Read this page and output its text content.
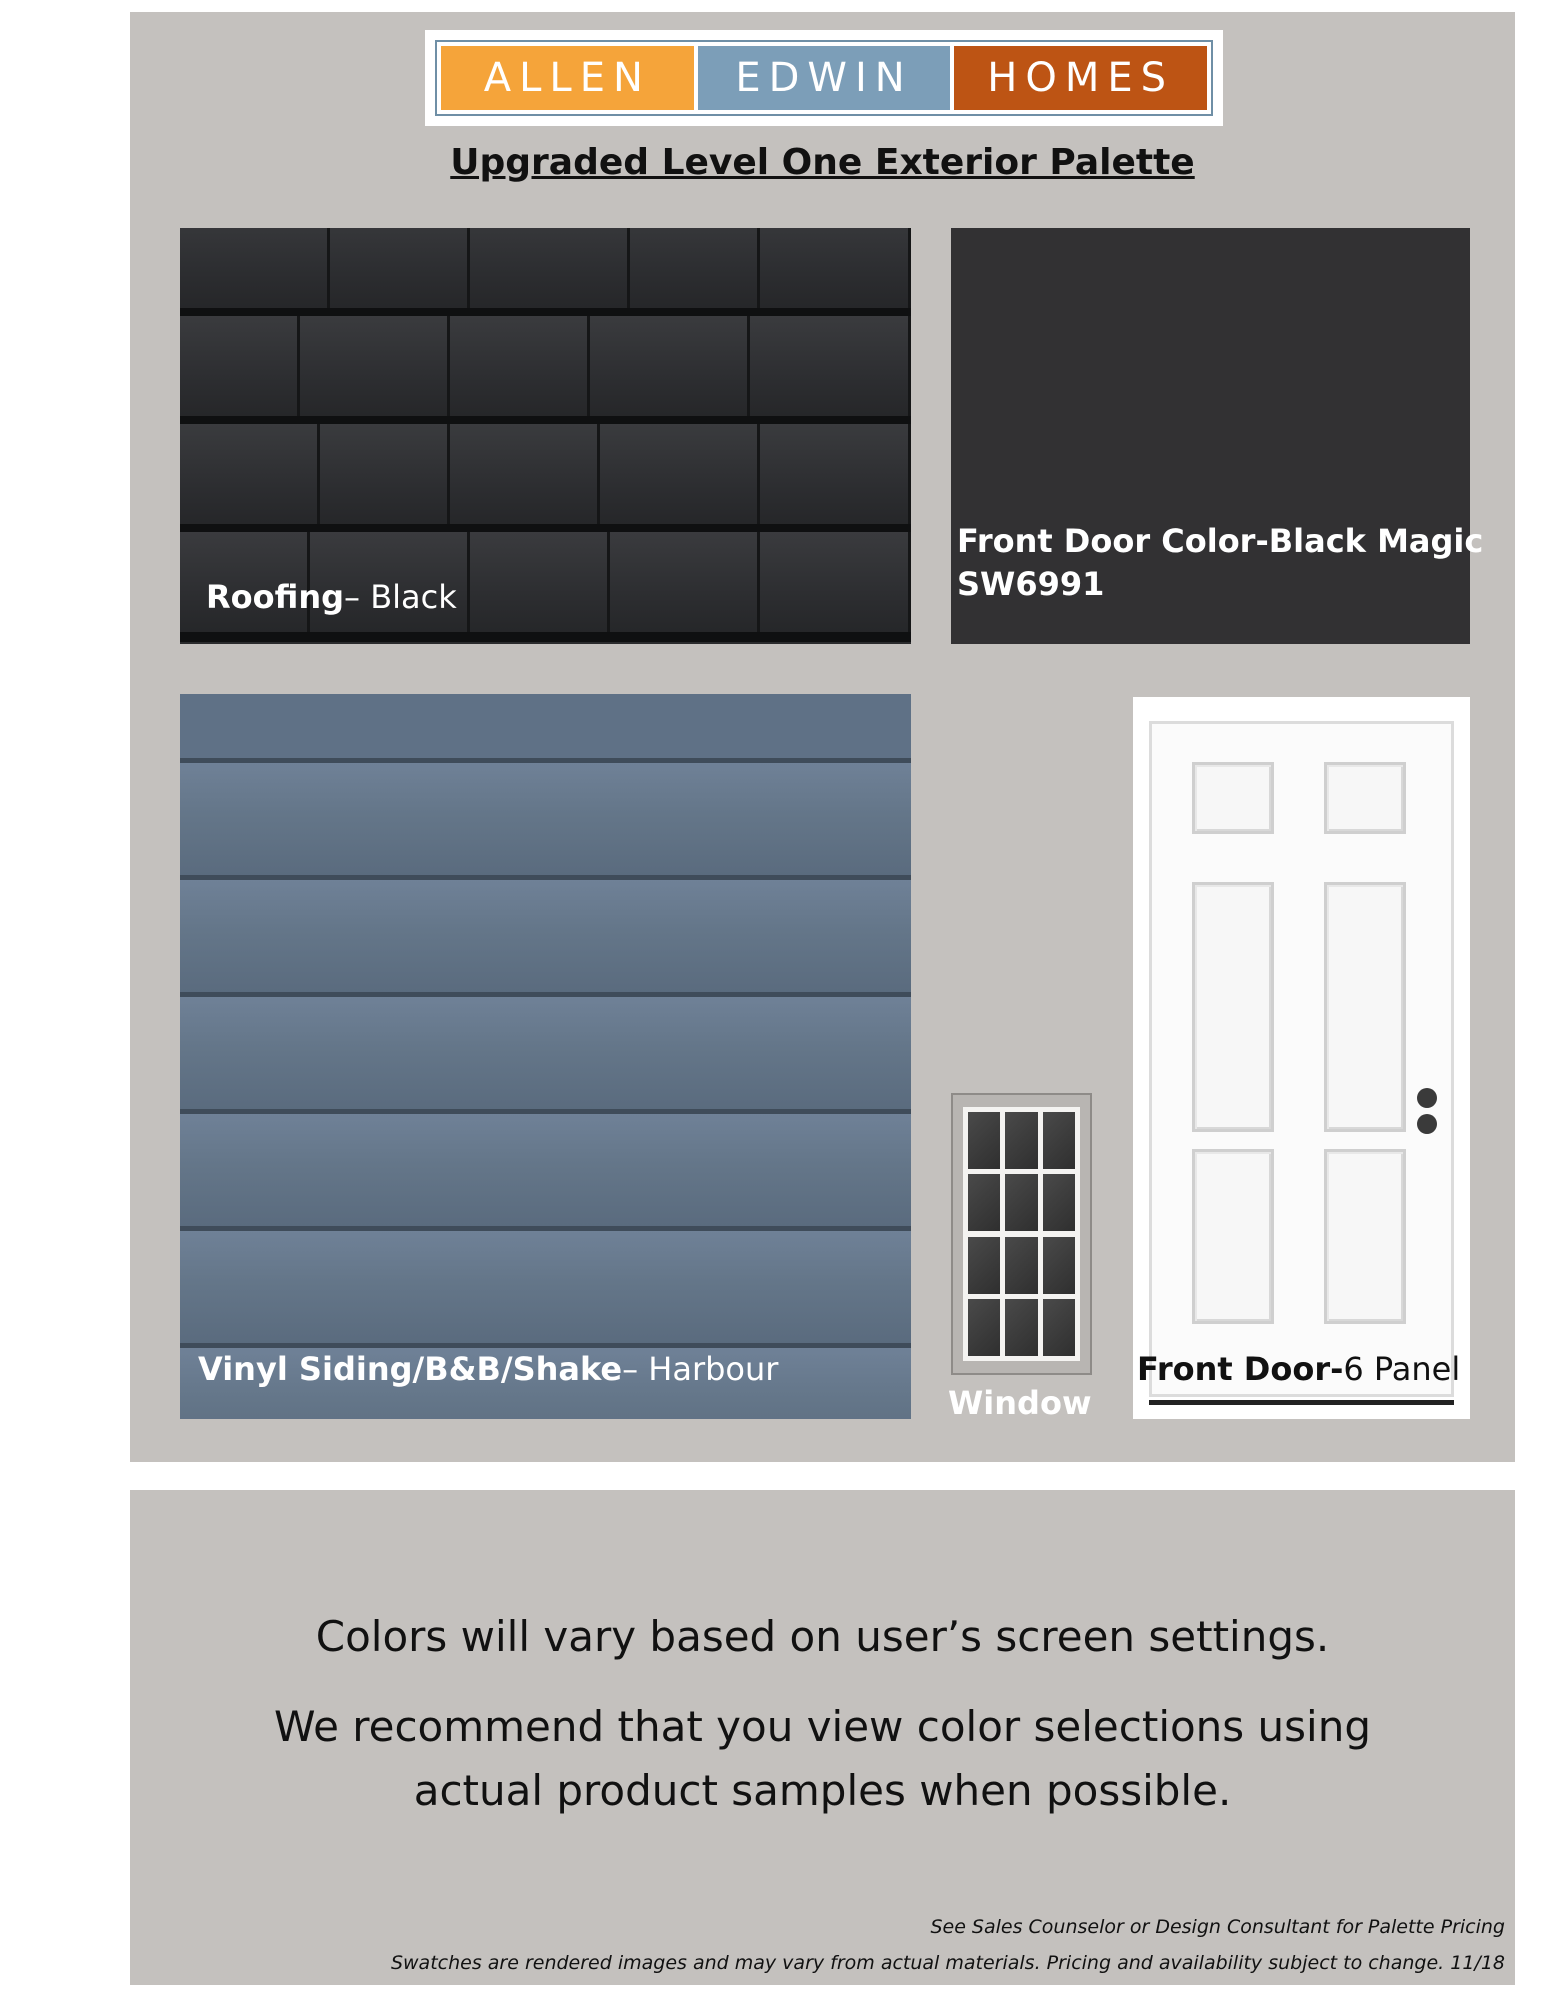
ALLEN	EDWIN	HOMES
Upgraded Level One Exterior Palette
Roofing– Black
Front Door Color-Black Magic
SW6991
Vinyl Siding/B&B/Shake– Harbour
Window
Front Door-6 Panel
Colors will vary based on user’s screen settings.
We recommend that you view color selections using
actual product samples when possible.
See Sales Counselor or Design Consultant for Palette Pricing
Swatches are rendered images and may vary from actual materials. Pricing and availability subject to change. 11/18
